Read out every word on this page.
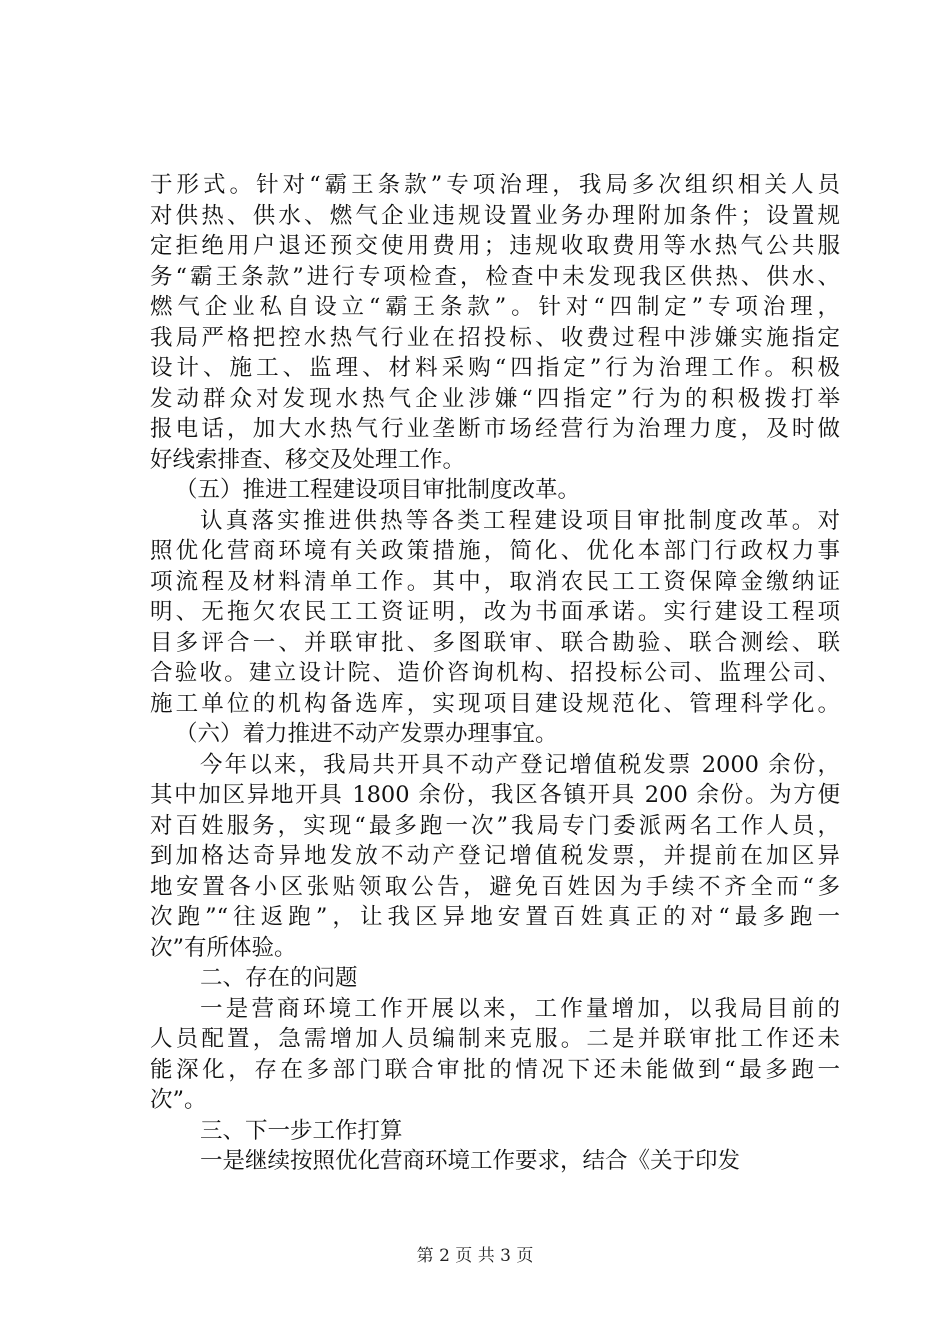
于形式。针对“霸王条款”专项治理，我局多次组织相关人员
对供热、供水、燃气企业违规设置业务办理附加条件；设置规
定拒绝用户退还预交使用费用；违规收取费用等水热气公共服
务“霸王条款”进行专项检查，检查中未发现我区供热、供水、
燃气企业私自设立“霸王条款”。针对“四制定”专项治理，
我局严格把控水热气行业在招投标、收费过程中涉嫌实施指定
设计、施工、监理、材料采购“四指定”行为治理工作。积极
发动群众对发现水热气企业涉嫌“四指定”行为的积极拨打举
报电话，加大水热气行业垄断市场经营行为治理力度，及时做
好线索排查、移交及处理工作。
（五）推进工程建设项目审批制度改革。
认真落实推进供热等各类工程建设项目审批制度改革。对
照优化营商环境有关政策措施，简化、优化本部门行政权力事
项流程及材料清单工作。其中，取消农民工工资保障金缴纳证
明、无拖欠农民工工资证明，改为书面承诺。实行建设工程项
目多评合一、并联审批、多图联审、联合勘验、联合测绘、联
合验收。建立设计院、造价咨询机构、招投标公司、监理公司、
施工单位的机构备选库，实现项目建设规范化、管理科学化。
（六）着力推进不动产发票办理事宜。
今年以来，我局共开具不动产登记增值税发票 2000 余份，
其中加区异地开具 1800 余份，我区各镇开具 200 余份。为方便
对百姓服务，实现“最多跑一次”我局专门委派两名工作人员，
到加格达奇异地发放不动产登记增值税发票，并提前在加区异
地安置各小区张贴领取公告，避免百姓因为手续不齐全而“多
次跑”“往返跑”，让我区异地安置百姓真正的对“最多跑一
次”有所体验。
二、存在的问题
一是营商环境工作开展以来，工作量增加，以我局目前的
人员配置，急需增加人员编制来克服。二是并联审批工作还未
能深化，存在多部门联合审批的情况下还未能做到“最多跑一
次”。
三、下一步工作打算
一是继续按照优化营商环境工作要求，结合《关于印发
第 2 页 共 3 页
